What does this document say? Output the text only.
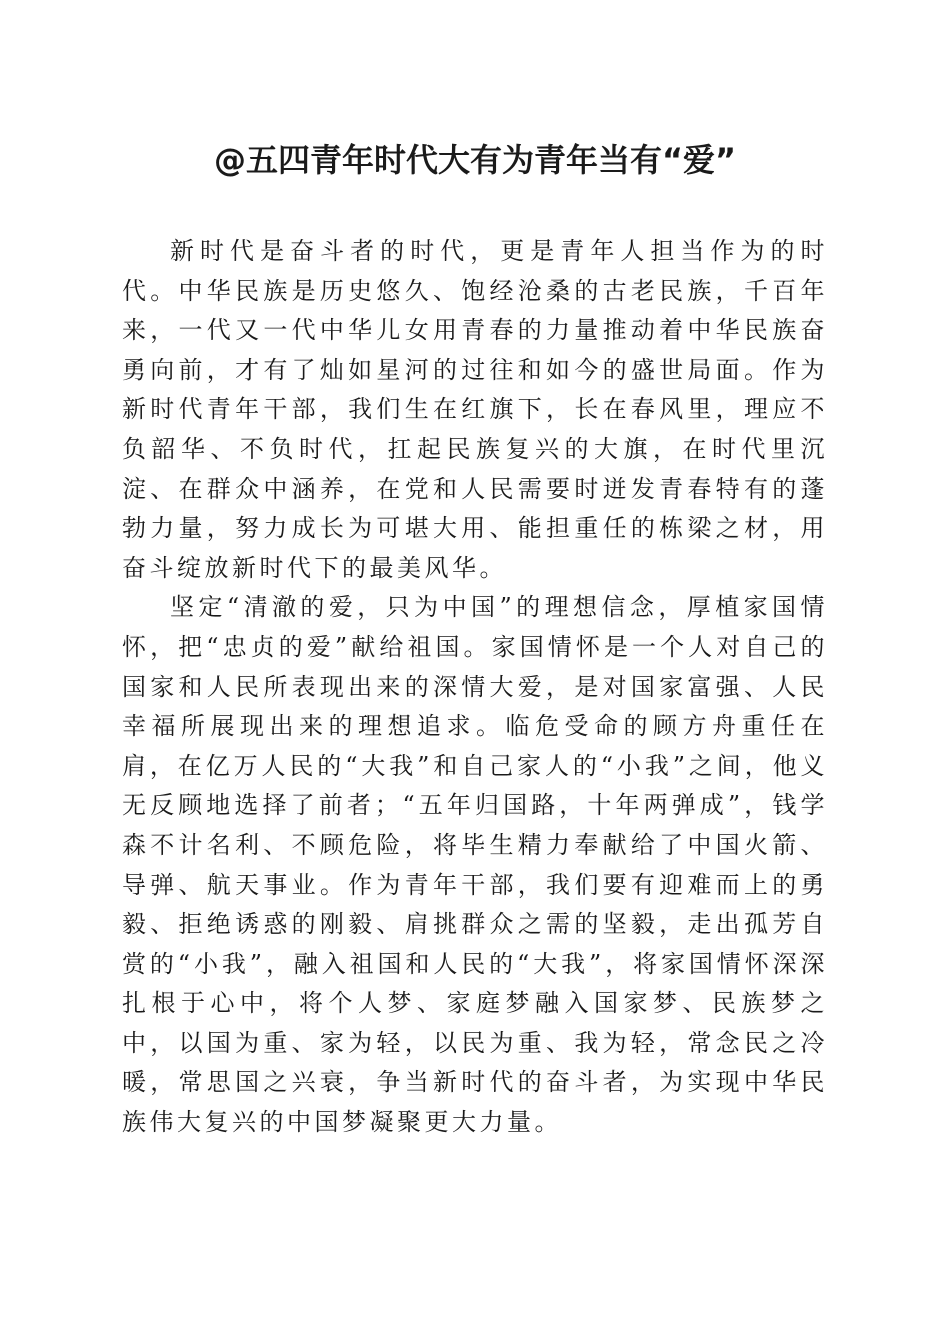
@五四青年时代大有为青年当有“爱”

新时代是奋斗者的时代，更是青年人担当作为的时代。中华民族是历史悠久、饱经沧桑的古老民族，千百年来，一代又一代中华儿女用青春的力量推动着中华民族奋勇向前，才有了灿如星河的过往和如今的盛世局面。作为新时代青年干部，我们生在红旗下，长在春风里，理应不负韶华、不负时代，扛起民族复兴的大旗，在时代里沉淀、在群众中涵养，在党和人民需要时迸发青春特有的蓬勃力量，努力成长为可堪大用、能担重任的栋梁之材，用奋斗绽放新时代下的最美风华。

坚定“清澈的爱，只为中国”的理想信念，厚植家国情怀，把“忠贞的爱”献给祖国。家国情怀是一个人对自己的国家和人民所表现出来的深情大爱，是对国家富强、人民幸福所展现出来的理想追求。临危受命的顾方舟重任在肩，在亿万人民的“大我”和自己家人的“小我”之间，他义无反顾地选择了前者；“五年归国路，十年两弹成”，钱学森不计名利、不顾危险，将毕生精力奉献给了中国火箭、导弹、航天事业。作为青年干部，我们要有迎难而上的勇毅、拒绝诱惑的刚毅、肩挑群众之需的坚毅，走出孤芳自赏的“小我”，融入祖国和人民的“大我”，将家国情怀深深扎根于心中，将个人梦、家庭梦融入国家梦、民族梦之中，以国为重、家为轻，以民为重、我为轻，常念民之冷暖，常思国之兴衰，争当新时代的奋斗者，为实现中华民族伟大复兴的中国梦凝聚更大力量。
